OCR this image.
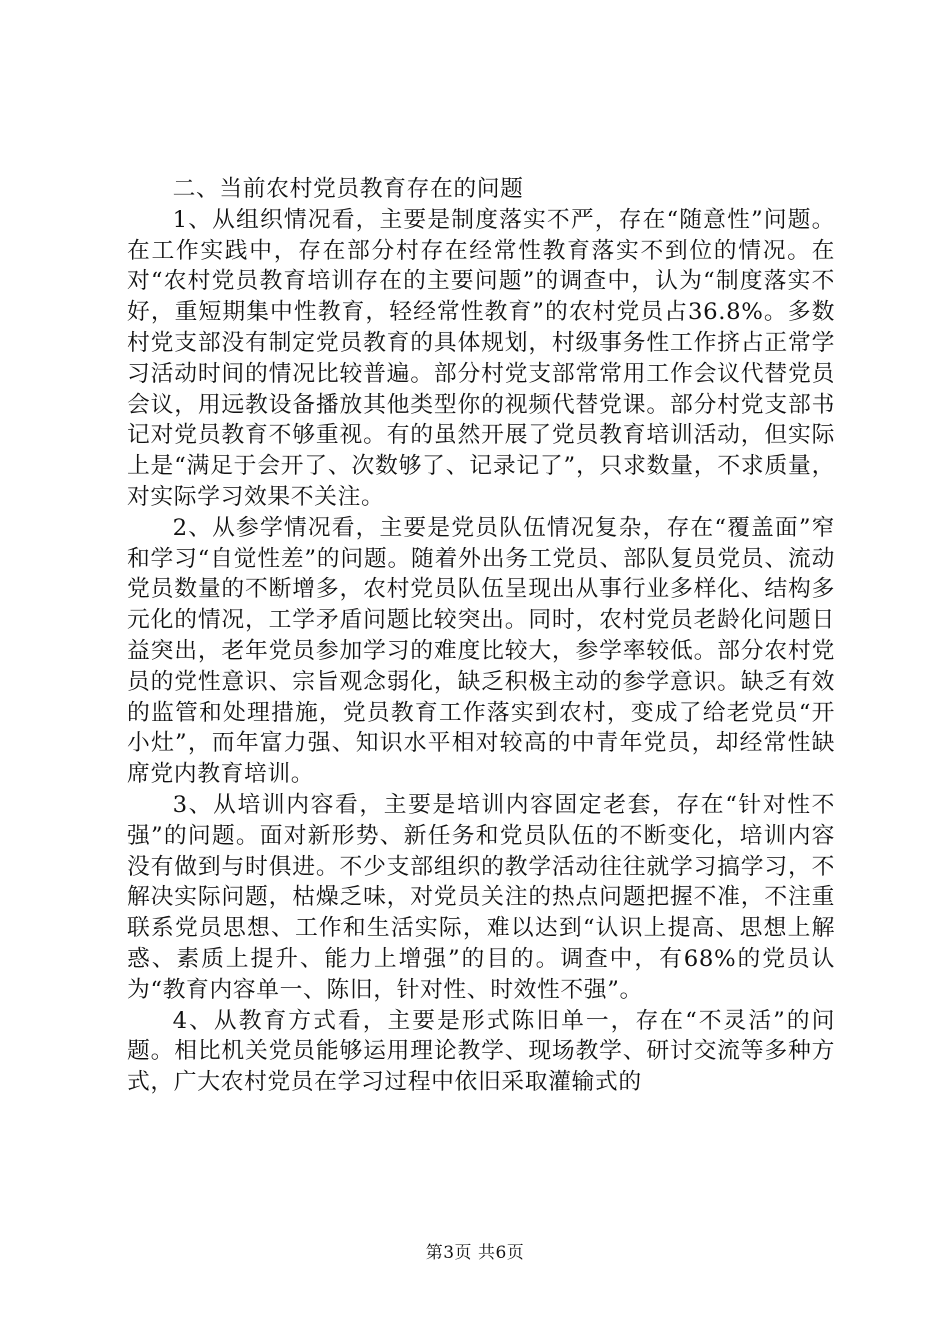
二、当前农村党员教育存在的问题

1、从组织情况看，主要是制度落实不严，存在“随意性”问题。在工作实践中，存在部分村存在经常性教育落实不到位的情况。在对“农村党员教育培训存在的主要问题”的调查中，认为“制度落实不好，重短期集中性教育，轻经常性教育”的农村党员占36.8%。多数村党支部没有制定党员教育的具体规划，村级事务性工作挤占正常学习活动时间的情况比较普遍。部分村党支部常常用工作会议代替党员会议，用远教设备播放其他类型你的视频代替党课。部分村党支部书记对党员教育不够重视。有的虽然开展了党员教育培训活动，但实际上是“满足于会开了、次数够了、记录记了”，只求数量，不求质量，对实际学习效果不关注。

2、从参学情况看，主要是党员队伍情况复杂，存在“覆盖面”窄和学习“自觉性差”的问题。随着外出务工党员、部队复员党员、流动党员数量的不断增多，农村党员队伍呈现出从事行业多样化、结构多元化的情况，工学矛盾问题比较突出。同时，农村党员老龄化问题日益突出，老年党员参加学习的难度比较大，参学率较低。部分农村党员的党性意识、宗旨观念弱化，缺乏积极主动的参学意识。缺乏有效的监管和处理措施，党员教育工作落实到农村，变成了给老党员“开小灶”，而年富力强、知识水平相对较高的中青年党员，却经常性缺席党内教育培训。

3、从培训内容看，主要是培训内容固定老套，存在“针对性不强”的问题。面对新形势、新任务和党员队伍的不断变化，培训内容没有做到与时俱进。不少支部组织的教学活动往往就学习搞学习，不解决实际问题，枯燥乏味，对党员关注的热点问题把握不准，不注重联系党员思想、工作和生活实际，难以达到“认识上提高、思想上解惑、素质上提升、能力上增强”的目的。调查中，有68%的党员认为“教育内容单一、陈旧，针对性、时效性不强”。

4、从教育方式看，主要是形式陈旧单一，存在“不灵活”的问题。相比机关党员能够运用理论教学、现场教学、研讨交流等多种方式，广大农村党员在学习过程中依旧采取灌输式的

第3页 共6页
